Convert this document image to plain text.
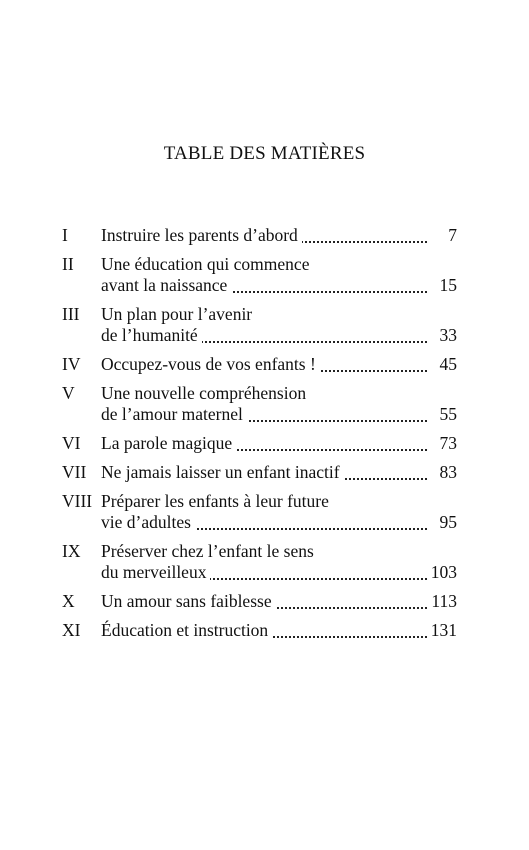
TABLE DES MATIÈRES
I Instruire les parents d’abord	7
II Une éducation qui commence
avant la naissance	15
III Un plan pour l’avenir
de l’humanité	33
IV Occupez-vous de vos enfants !	45
V Une nouvelle compréhension
de l’amour maternel	55
VI La parole magique	73
VII Ne jamais laisser un enfant inactif	83
VIII Préparer les enfants à leur future
vie d’adultes	95
IX Préserver chez l’enfant le sens
du merveilleux	103
X Un amour sans faiblesse	113
XI Éducation et instruction	131
